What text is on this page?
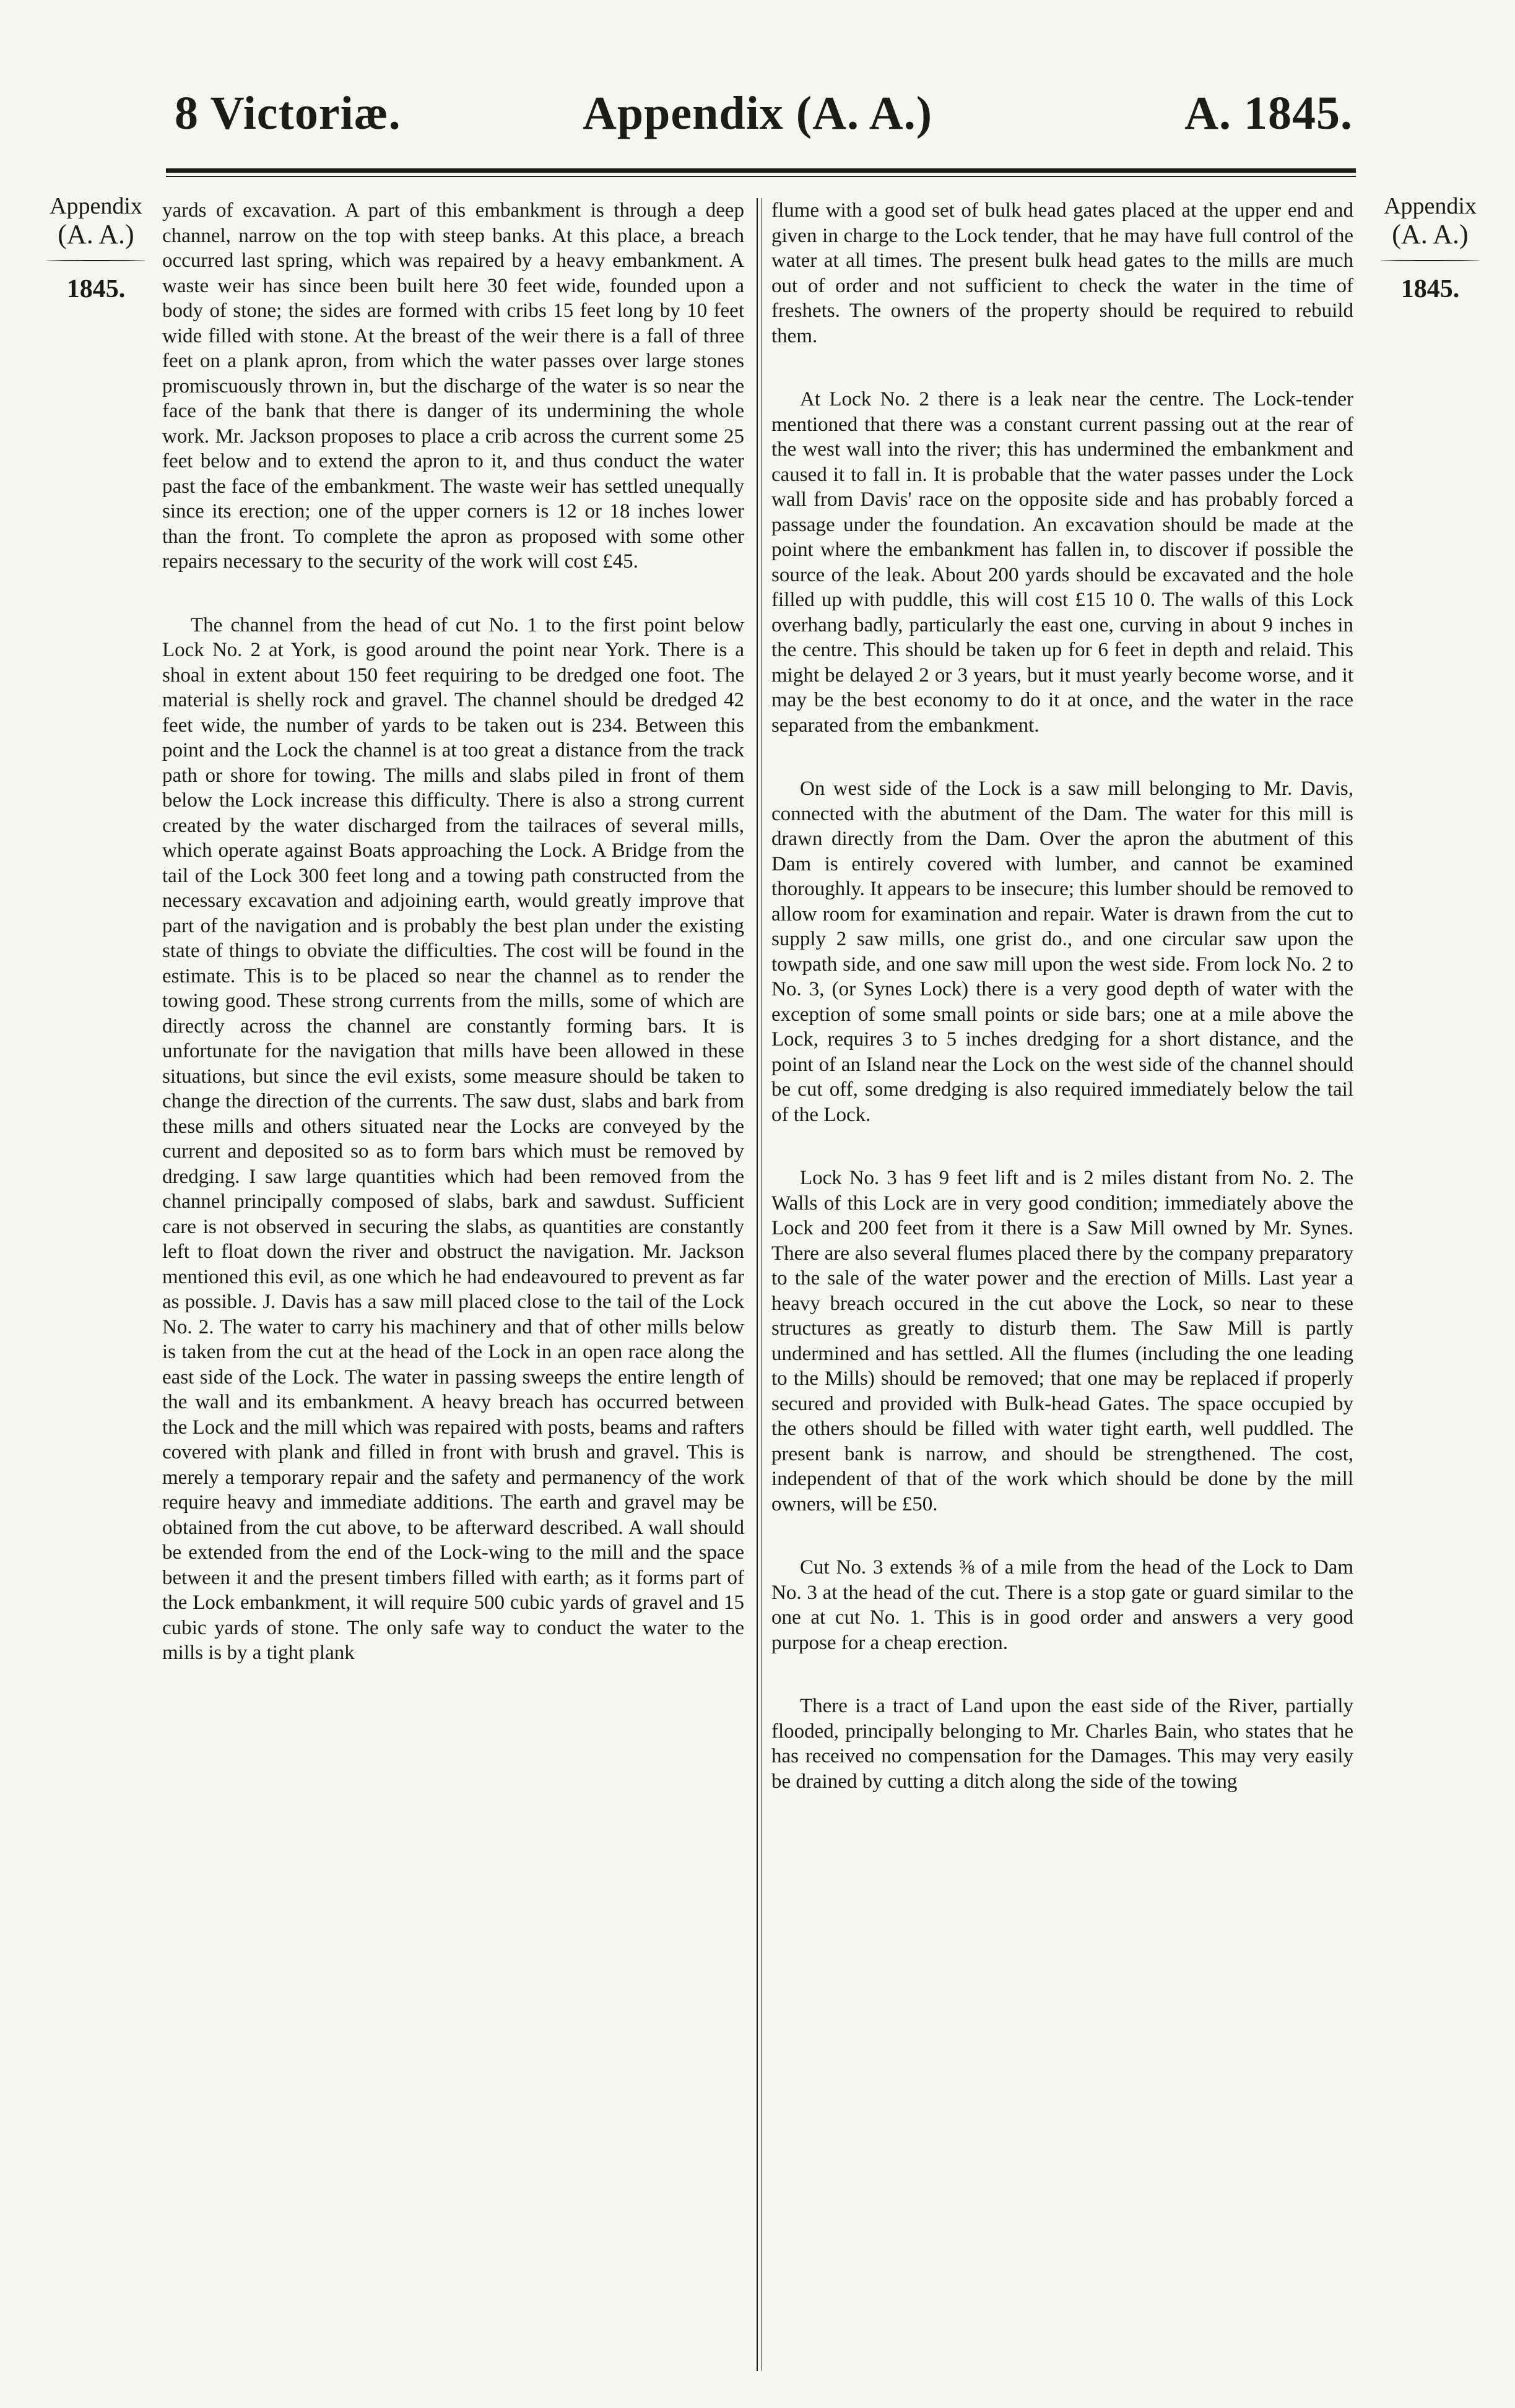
8 Victoriæ.	Appendix (A. A.)	A. 1845.
Appendix
(A. A.)
1845.
Appendix
(A. A.)
1845.

yards of excavation. A part of this embankment is through a deep channel, narrow on the top with steep banks. At this place, a breach occurred last spring, which was repaired by a heavy embankment. A waste weir has since been built here 30 feet wide, founded upon a body of stone; the sides are formed with cribs 15 feet long by 10 feet wide filled with stone. At the breast of the weir there is a fall of three feet on a plank apron, from which the water passes over large stones promiscuously thrown in, but the discharge of the water is so near the face of the bank that there is danger of its undermining the whole work. Mr. Jackson proposes to place a crib across the current some 25 feet below and to extend the apron to it, and thus conduct the water past the face of the embankment. The waste weir has settled unequally since its erection; one of the upper corners is 12 or 18 inches lower than the front. To complete the apron as proposed with some other repairs necessary to the security of the work will cost £45.

The channel from the head of cut No. 1 to the first point below Lock No. 2 at York, is good around the point near York. There is a shoal in extent about 150 feet requiring to be dredged one foot. The material is shelly rock and gravel. The channel should be dredged 42 feet wide, the number of yards to be taken out is 234. Between this point and the Lock the channel is at too great a distance from the track path or shore for towing. The mills and slabs piled in front of them below the Lock increase this difficulty. There is also a strong current created by the water discharged from the tailraces of several mills, which operate against Boats approaching the Lock. A Bridge from the tail of the Lock 300 feet long and a towing path constructed from the necessary excavation and adjoining earth, would greatly improve that part of the navigation and is probably the best plan under the existing state of things to obviate the difficulties. The cost will be found in the estimate. This is to be placed so near the channel as to render the towing good. These strong currents from the mills, some of which are directly across the channel are constantly forming bars. It is unfortunate for the navigation that mills have been allowed in these situations, but since the evil exists, some measure should be taken to change the direction of the currents. The saw dust, slabs and bark from these mills and others situated near the Locks are conveyed by the current and deposited so as to form bars which must be removed by dredging. I saw large quantities which had been removed from the channel principally composed of slabs, bark and sawdust. Sufficient care is not observed in securing the slabs, as quantities are constantly left to float down the river and obstruct the navigation. Mr. Jackson mentioned this evil, as one which he had endeavoured to prevent as far as possible. J. Davis has a saw mill placed close to the tail of the Lock No. 2. The water to carry his machinery and that of other mills below is taken from the cut at the head of the Lock in an open race along the east side of the Lock. The water in passing sweeps the entire length of the wall and its embankment. A heavy breach has occurred between the Lock and the mill which was repaired with posts, beams and rafters covered with plank and filled in front with brush and gravel. This is merely a temporary repair and the safety and permanency of the work require heavy and immediate additions. The earth and gravel may be obtained from the cut above, to be afterward described. A wall should be extended from the end of the Lock-wing to the mill and the space between it and the present timbers filled with earth; as it forms part of the Lock embankment, it will require 500 cubic yards of gravel and 15 cubic yards of stone. The only safe way to conduct the water to the mills is by a tight plank

flume with a good set of bulk head gates placed at the upper end and given in charge to the Lock tender, that he may have full control of the water at all times. The present bulk head gates to the mills are much out of order and not sufficient to check the water in the time of freshets. The owners of the property should be required to rebuild them.

At Lock No. 2 there is a leak near the centre. The Lock-tender mentioned that there was a constant current passing out at the rear of the west wall into the river; this has undermined the embankment and caused it to fall in. It is probable that the water passes under the Lock wall from Davis' race on the opposite side and has probably forced a passage under the foundation. An excavation should be made at the point where the embankment has fallen in, to discover if possible the source of the leak. About 200 yards should be excavated and the hole filled up with puddle, this will cost £15 10 0. The walls of this Lock overhang badly, particularly the east one, curving in about 9 inches in the centre. This should be taken up for 6 feet in depth and relaid. This might be delayed 2 or 3 years, but it must yearly become worse, and it may be the best economy to do it at once, and the water in the race separated from the embankment.

On west side of the Lock is a saw mill belonging to Mr. Davis, connected with the abutment of the Dam. The water for this mill is drawn directly from the Dam. Over the apron the abutment of this Dam is entirely covered with lumber, and cannot be examined thoroughly. It appears to be insecure; this lumber should be removed to allow room for examination and repair. Water is drawn from the cut to supply 2 saw mills, one grist do., and one circular saw upon the towpath side, and one saw mill upon the west side. From lock No. 2 to No. 3, (or Synes Lock) there is a very good depth of water with the exception of some small points or side bars; one at a mile above the Lock, requires 3 to 5 inches dredging for a short distance, and the point of an Island near the Lock on the west side of the channel should be cut off, some dredging is also required immediately below the tail of the Lock.

Lock No. 3 has 9 feet lift and is 2 miles distant from No. 2. The Walls of this Lock are in very good condition; immediately above the Lock and 200 feet from it there is a Saw Mill owned by Mr. Synes. There are also several flumes placed there by the company preparatory to the sale of the water power and the erection of Mills. Last year a heavy breach occured in the cut above the Lock, so near to these structures as greatly to disturb them. The Saw Mill is partly undermined and has settled. All the flumes (including the one leading to the Mills) should be removed; that one may be replaced if properly secured and provided with Bulk-head Gates. The space occupied by the others should be filled with water tight earth, well puddled. The present bank is narrow, and should be strengthened. The cost, independent of that of the work which should be done by the mill owners, will be £50.

Cut No. 3 extends ⅜ of a mile from the head of the Lock to Dam No. 3 at the head of the cut. There is a stop gate or guard similar to the one at cut No. 1. This is in good order and answers a very good purpose for a cheap erection.

There is a tract of Land upon the east side of the River, partially flooded, principally belonging to Mr. Charles Bain, who states that he has received no compensation for the Damages. This may very easily be drained by cutting a ditch along the side of the towing
